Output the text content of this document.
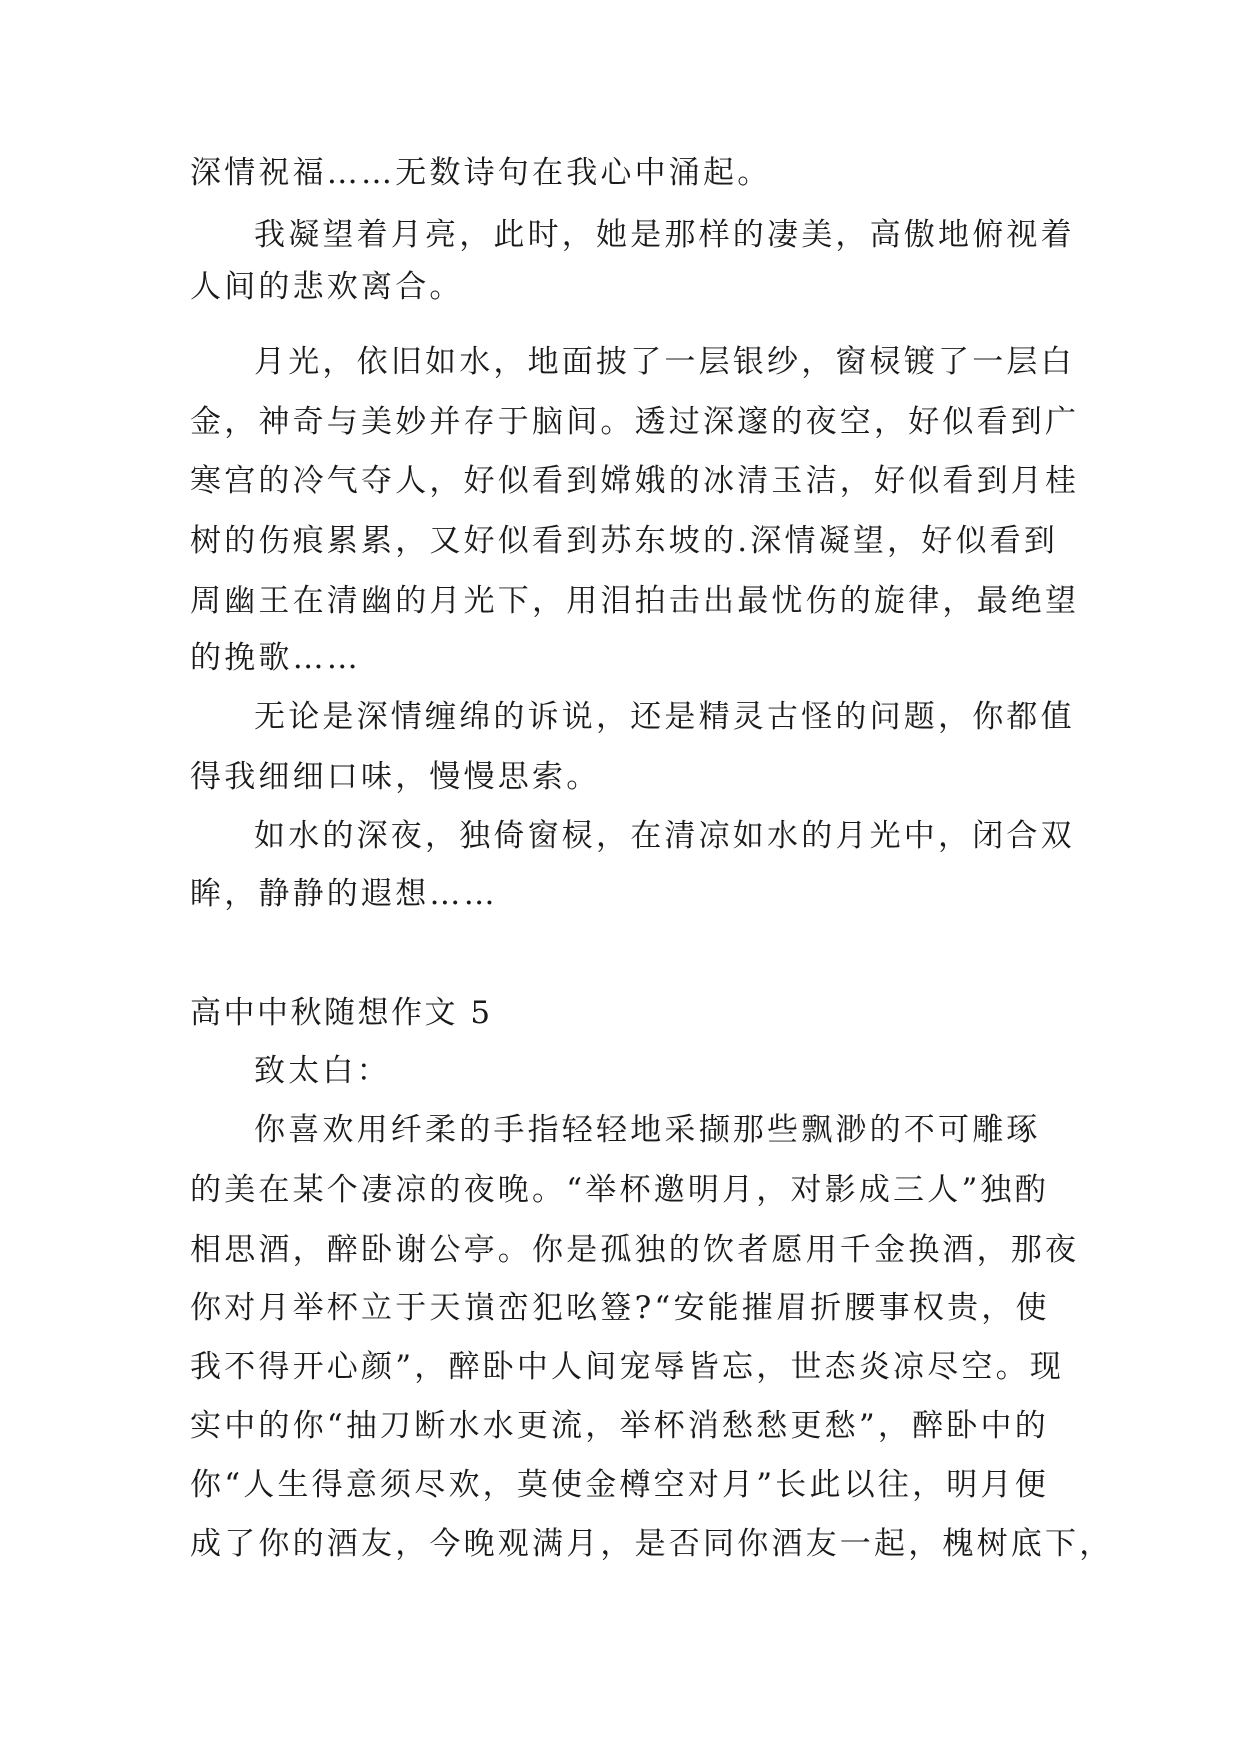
深情祝福……无数诗句在我心中涌起。
我凝望着月亮，此时，她是那样的凄美，高傲地俯视着
人间的悲欢离合。
月光，依旧如水，地面披了一层银纱，窗棂镀了一层白
金，神奇与美妙并存于脑间。透过深邃的夜空，好似看到广
寒宫的冷气夺人，好似看到嫦娥的冰清玉洁，好似看到月桂
树的伤痕累累，又好似看到苏东坡的.深情凝望，好似看到
周幽王在清幽的月光下，用泪拍击出最忧伤的旋律，最绝望
的挽歌……
无论是深情缠绵的诉说，还是精灵古怪的问题，你都值
得我细细口味，慢慢思索。
如水的深夜，独倚窗棂，在清凉如水的月光中，闭合双
眸，静静的遐想……
高中中秋随想作文 5
致太白：
你喜欢用纤柔的手指轻轻地采撷那些飘渺的不可雕琢
的美在某个凄凉的夜晚。“举杯邀明月，对影成三人”独酌
相思酒，醉卧谢公亭。你是孤独的饮者愿用千金换酒，那夜
你对月举杯立于天嵿峦犯吆簦?“安能摧眉折腰事权贵，使
我不得开心颜”，醉卧中人间宠辱皆忘，世态炎凉尽空。现
实中的你“抽刀断水水更流，举杯消愁愁更愁”，醉卧中的
你“人生得意须尽欢，莫使金樽空对月”长此以往，明月便
成了你的酒友，今晚观满月，是否同你酒友一起，槐树底下，
